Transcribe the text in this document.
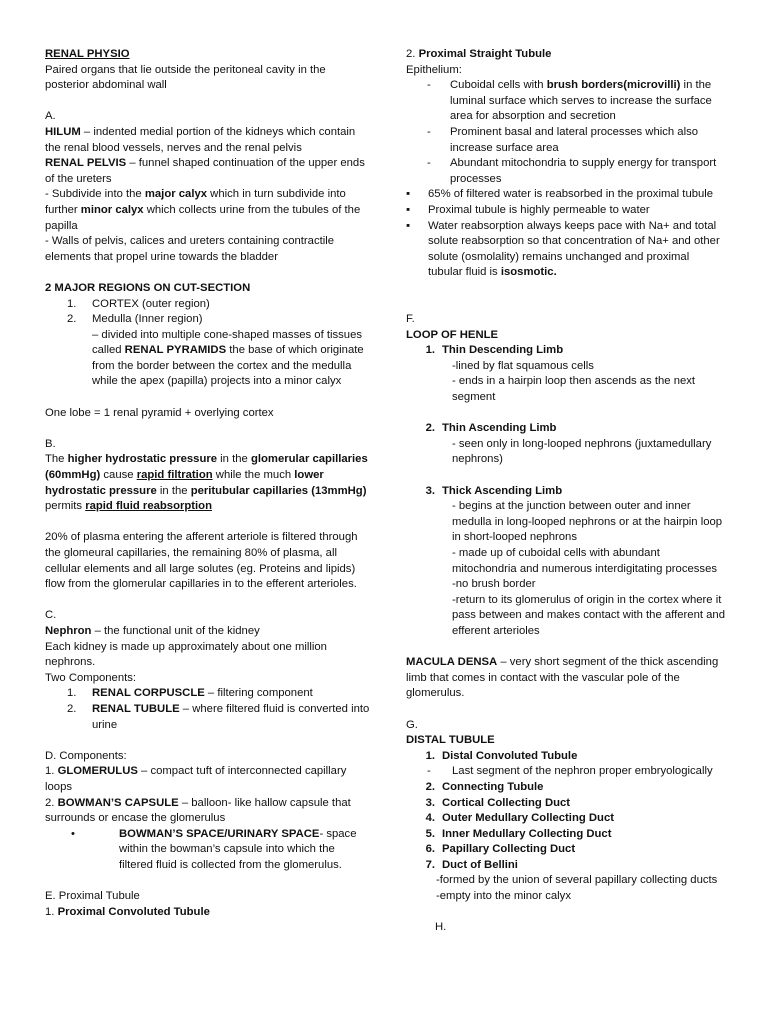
RENAL PHYSIO

Paired organs that lie outside the peritoneal cavity in the posterior abdominal wall

A.

HILUM – indented medial portion of the kidneys which contain the renal blood vessels, nerves and the renal pelvis

RENAL PELVIS – funnel shaped continuation of the upper ends of the ureters

- Subdivide into the major calyx which in turn subdivide into further minor calyx which collects urine from the tubules of the papilla

- Walls of pelvis, calices and ureters containing contractile elements that propel urine towards the bladder

2 MAJOR REGIONS ON CUT-SECTION

1.	CORTEX (outer region)
2.	Medulla (Inner region)

– divided into multiple cone-shaped masses of tissues called RENAL PYRAMIDS the base of which originate from the border between the cortex and the medulla while the apex (papilla) projects into a minor calyx

One lobe = 1 renal pyramid + overlying cortex

B.

The higher hydrostatic pressure in the glomerular capillaries (60mmHg) cause rapid filtration while the much lower hydrostatic pressure in the peritubular capillaries (13mmHg) permits rapid fluid reabsorption

20% of plasma entering the afferent arteriole is filtered through the glomeural capillaries, the remaining 80% of plasma, all cellular elements and all large solutes (eg. Proteins and lipids) flow from the glomerular capillaries in to the efferent arterioles.

C.

Nephron – the functional unit of the kidney

Each kidney is made up approximately about one million nephrons.

Two Components:

1.	RENAL CORPUSCLE – filtering component
2.	RENAL TUBULE – where filtered fluid is converted into urine

D. Components:

1. GLOMERULUS – compact tuft of interconnected capillary loops

2. BOWMAN’S CAPSULE – balloon- like hallow capsule that surrounds or encase the glomerulus

•	BOWMAN’S SPACE/URINARY SPACE- space within the bowman’s capsule into which the filtered fluid is collected from the glomerulus.

E. Proximal Tubule

1. Proximal Convoluted Tubule

2. Proximal Straight Tubule

Epithelium:

-	Cuboidal cells with brush borders(microvilli) in the luminal surface which serves to increase the surface area for absorption and secretion
-	Prominent basal and lateral processes which also increase surface area
-	Abundant mitochondria to supply energy for transport processes
▪	65% of filtered water is reabsorbed in the proximal tubule
▪	Proximal tubule is highly permeable to water
▪	Water reabsorption always keeps pace with Na+ and total solute reabsorption so that concentration of Na+ and other solute (osmolality) remains unchanged and proximal tubular fluid is isosmotic.

F.

LOOP OF HENLE

1. Thin Descending Limb

-lined by flat squamous cells

- ends in a hairpin loop then ascends as the next segment

2. Thin Ascending Limb

- seen only in long-looped nephrons (juxtamedullary nephrons)

3. Thick Ascending Limb

- begins at the junction between outer and inner medulla in long-looped nephrons or at the hairpin loop in short-looped nephrons

- made up of cuboidal cells with abundant mitochondria and numerous interdigitating processes

-no brush border

-return to its glomerulus of origin in the cortex where it pass between and makes contact with the afferent and efferent arterioles

MACULA DENSA – very short segment of the thick ascending limb that comes in contact with the vascular pole of the glomerulus.

G.

DISTAL TUBULE

1. Distal Convoluted Tubule
-	Last segment of the nephron proper embryologically
2. Connecting Tubule
3. Cortical Collecting Duct
4. Outer Medullary Collecting Duct
5. Inner Medullary Collecting Duct
6. Papillary Collecting Duct
7. Duct of Bellini

-formed by the union of several papillary collecting ducts

-empty into the minor calyx

H.
